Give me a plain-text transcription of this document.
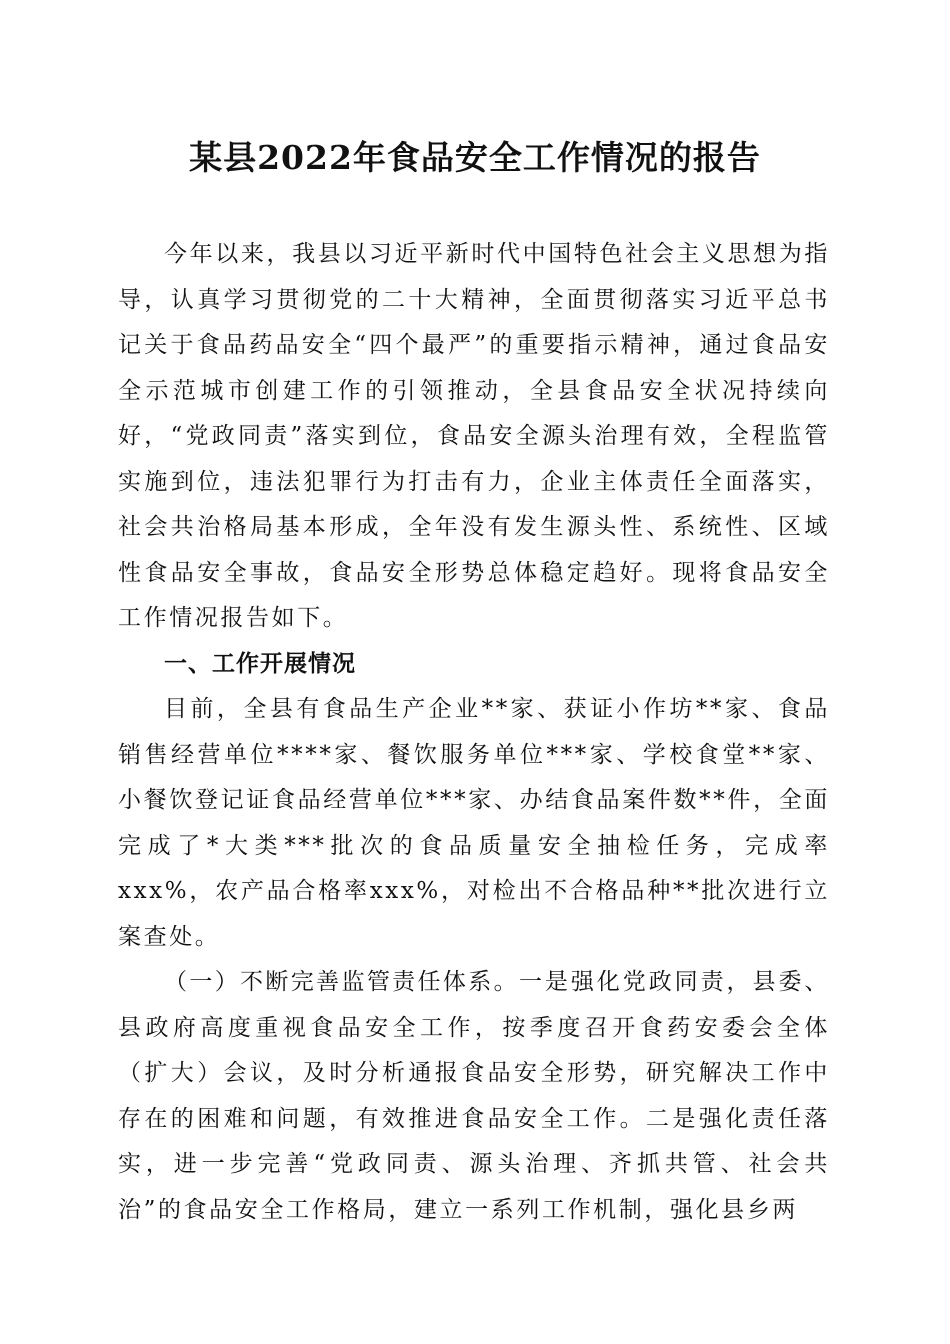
某县2022年食品安全工作情况的报告

今年以来，我县以习近平新时代中国特色社会主义思想为指导，认真学习贯彻党的二十大精神，全面贯彻落实习近平总书记关于食品药品安全“四个最严”的重要指示精神，通过食品安全示范城市创建工作的引领推动，全县食品安全状况持续向好，“党政同责”落实到位，食品安全源头治理有效，全程监管实施到位，违法犯罪行为打击有力，企业主体责任全面落实，社会共治格局基本形成，全年没有发生源头性、系统性、区域性食品安全事故，食品安全形势总体稳定趋好。现将食品安全工作情况报告如下。

一、工作开展情况

目前，全县有食品生产企业**家、获证小作坊**家、食品销售经营单位****家、餐饮服务单位***家、学校食堂**家、小餐饮登记证食品经营单位***家、办结食品案件数**件，全面完成了*大类***批次的食品质量安全抽检任务，完成率xxx%，农产品合格率xxx%，对检出不合格品种**批次进行立案查处。

（一）不断完善监管责任体系。一是强化党政同责，县委、县政府高度重视食品安全工作，按季度召开食药安委会全体（扩大）会议，及时分析通报食品安全形势，研究解决工作中存在的困难和问题，有效推进食品安全工作。二是强化责任落实，进一步完善“党政同责、源头治理、齐抓共管、社会共治”的食品安全工作格局，建立一系列工作机制，强化县乡两
